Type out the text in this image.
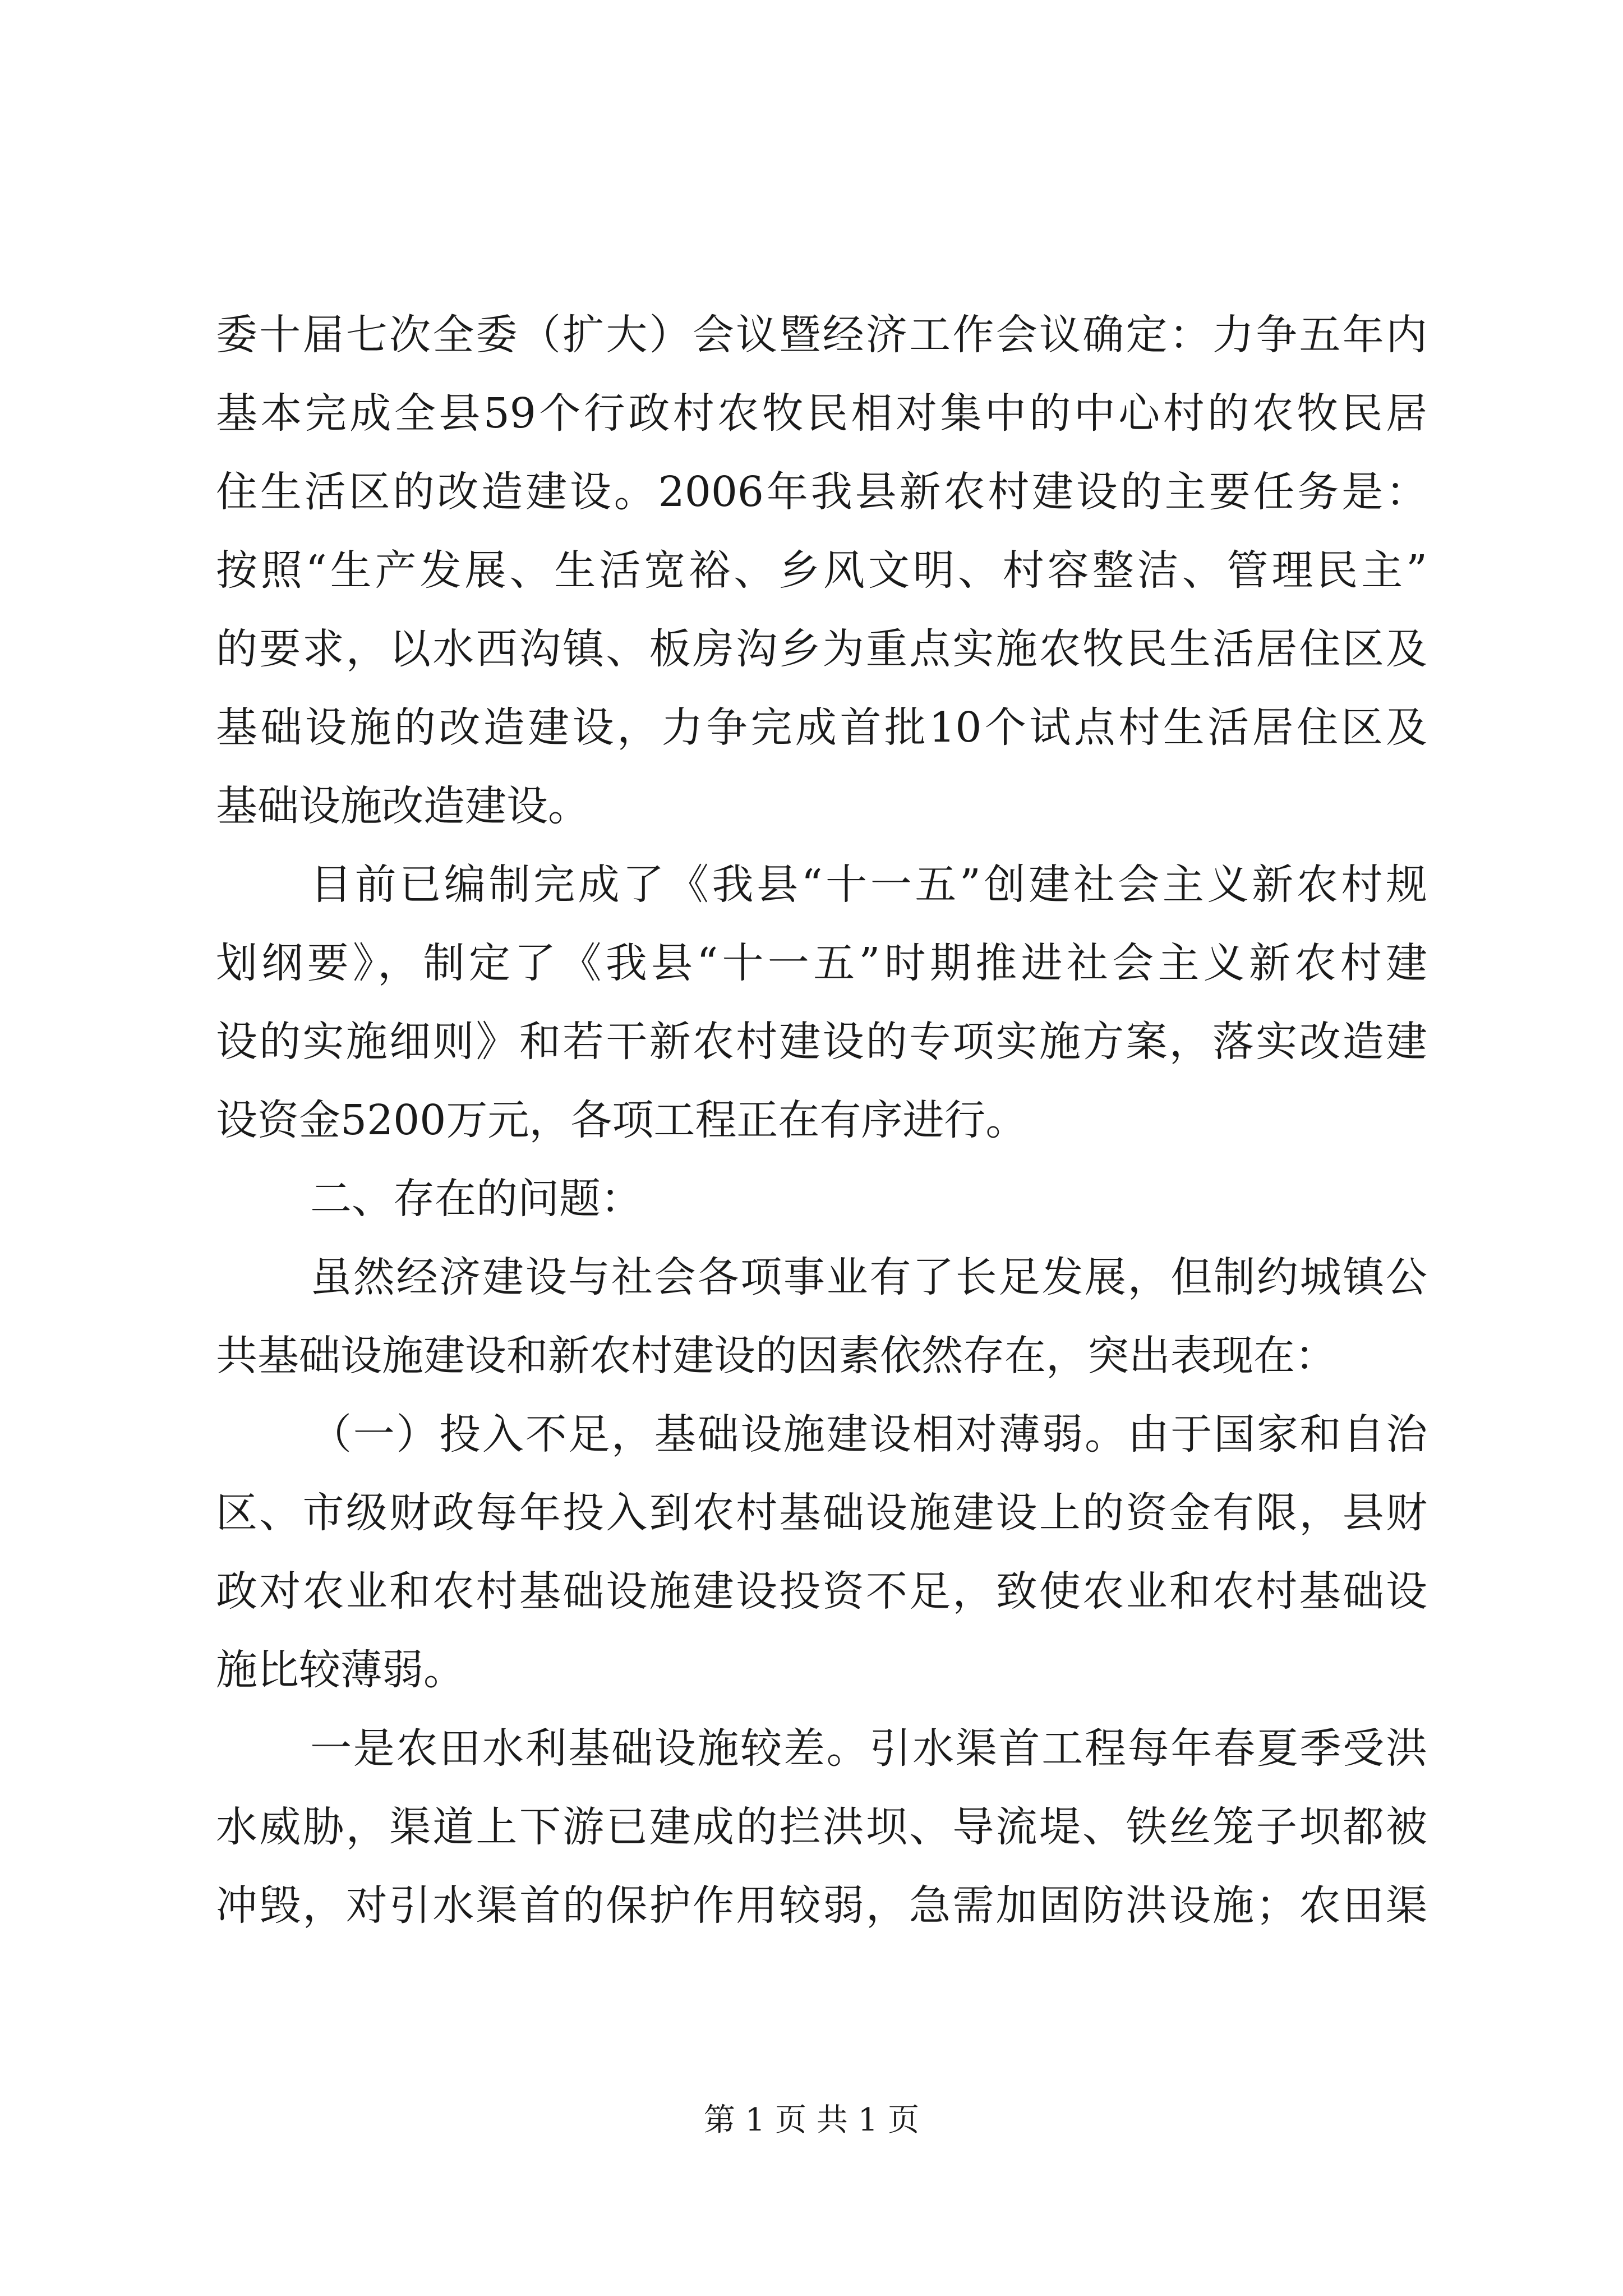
委十届七次全委（扩大）会议暨经济工作会议确定：力争五年内
基本完成全县59个行政村农牧民相对集中的中心村的农牧民居
住生活区的改造建设。2006年我县新农村建设的主要任务是：
按照“生产发展、生活宽裕、乡风文明、村容整洁、管理民主”
的要求，以水西沟镇、板房沟乡为重点实施农牧民生活居住区及
基础设施的改造建设，力争完成首批10个试点村生活居住区及
基础设施改造建设。
目前已编制完成了《我县“十一五”创建社会主义新农村规
划纲要》，制定了《我县“十一五”时期推进社会主义新农村建
设的实施细则》和若干新农村建设的专项实施方案，落实改造建
设资金5200万元，各项工程正在有序进行。
二、存在的问题：
虽然经济建设与社会各项事业有了长足发展，但制约城镇公
共基础设施建设和新农村建设的因素依然存在，突出表现在：
（一）投入不足，基础设施建设相对薄弱。由于国家和自治
区、市级财政每年投入到农村基础设施建设上的资金有限，县财
政对农业和农村基础设施建设投资不足，致使农业和农村基础设
施比较薄弱。
一是农田水利基础设施较差。引水渠首工程每年春夏季受洪
水威胁，渠道上下游已建成的拦洪坝、导流堤、铁丝笼子坝都被
冲毁，对引水渠首的保护作用较弱，急需加固防洪设施；农田渠
第 1 页 共 1 页
